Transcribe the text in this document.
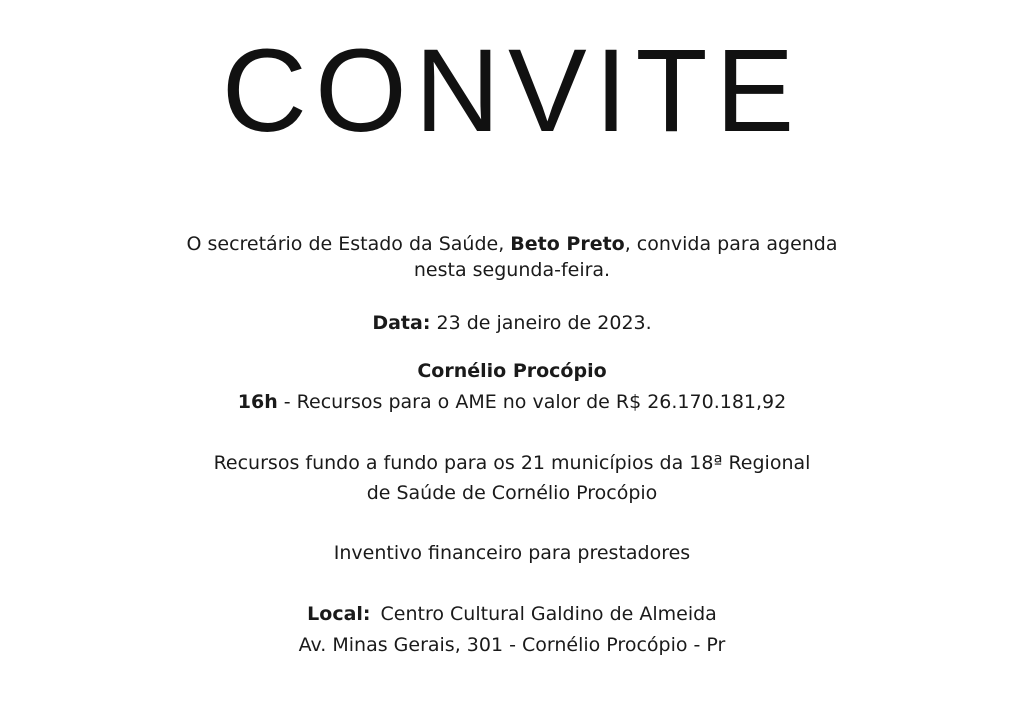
CONVITE
O secretário de Estado da Saúde, Beto Preto, convida para agenda
nesta segunda-feira.
Data: 23 de janeiro de 2023.
Cornélio Procópio
16h - Recursos para o AME no valor de R$ 26.170.181,92
Recursos fundo a fundo para os 21 municípios da 18ª Regional
de Saúde de Cornélio Procópio
Inventivo financeiro para prestadores
Local: Centro Cultural Galdino de Almeida
Av. Minas Gerais, 301 - Cornélio Procópio - Pr
